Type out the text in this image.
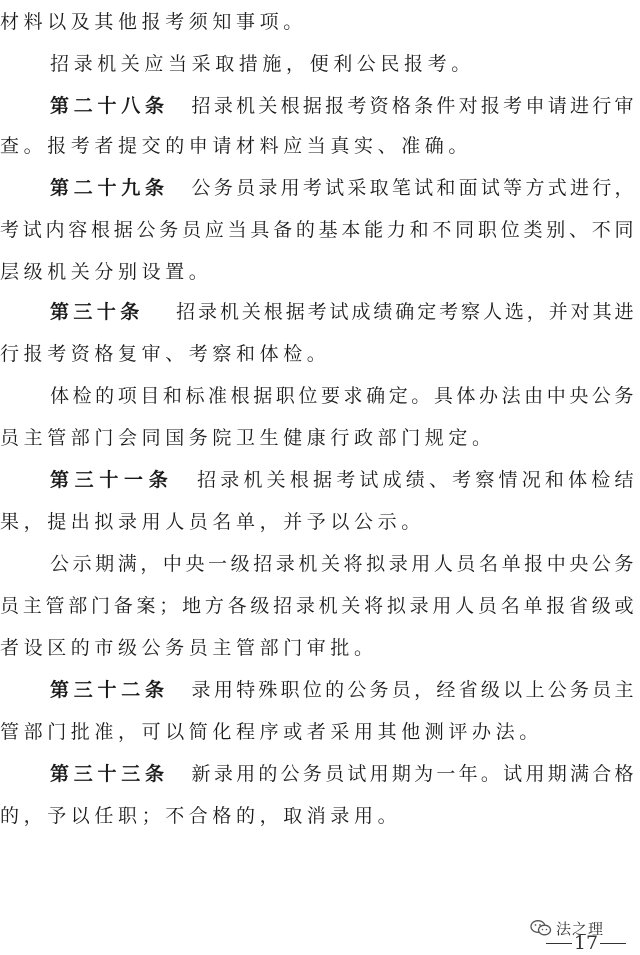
材料以及其他报考须知事项。
招录机关应当采取措施，便利公民报考。
第二十八条 招录机关根据报考资格条件对报考申请进行审
查。报考者提交的申请材料应当真实、准确。
第二十九条 公务员录用考试采取笔试和面试等方式进行，
考试内容根据公务员应当具备的基本能力和不同职位类别、不同
层级机关分别设置。
第三十条 招录机关根据考试成绩确定考察人选，并对其进
行报考资格复审、考察和体检。
体检的项目和标准根据职位要求确定。具体办法由中央公务
员主管部门会同国务院卫生健康行政部门规定。
第三十一条 招录机关根据考试成绩、考察情况和体检结
果，提出拟录用人员名单，并予以公示。
公示期满，中央一级招录机关将拟录用人员名单报中央公务
员主管部门备案；地方各级招录机关将拟录用人员名单报省级或
者设区的市级公务员主管部门审批。
第三十二条 录用特殊职位的公务员，经省级以上公务员主
管部门批准，可以简化程序或者采用其他测评办法。
第三十三条 新录用的公务员试用期为一年。试用期满合格
的，予以任职；不合格的，取消录用。
法之理
17
